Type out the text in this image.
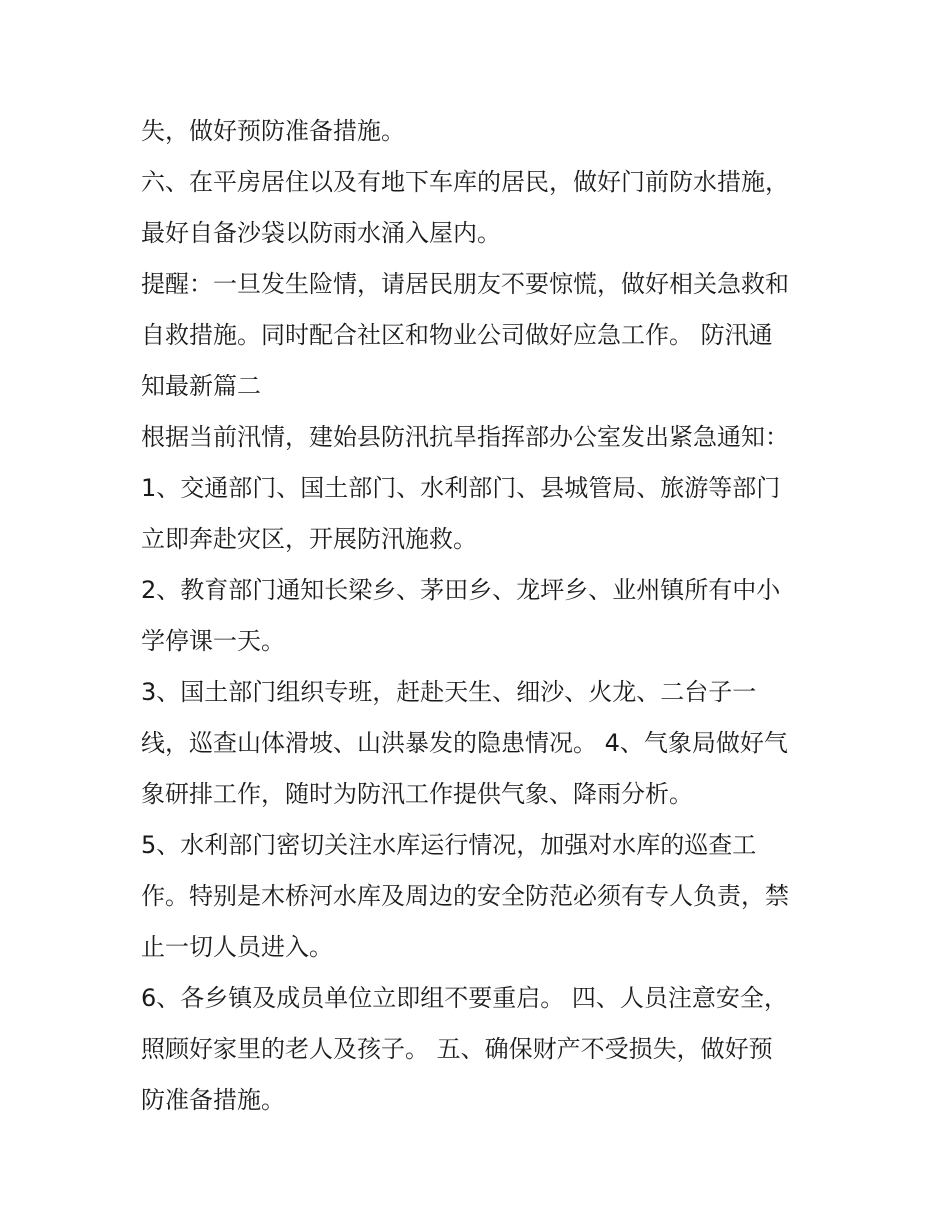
失，做好预防准备措施。
六、在平房居住以及有地下车库的居民，做好门前防水措施，
最好自备沙袋以防雨水涌入屋内。
提醒：一旦发生险情，请居民朋友不要惊慌，做好相关急救和
自救措施。同时配合社区和物业公司做好应急工作。 防汛通
知最新篇二
根据当前汛情，建始县防汛抗旱指挥部办公室发出紧急通知：
1、交通部门、国土部门、水利部门、县城管局、旅游等部门
立即奔赴灾区，开展防汛施救。
2、教育部门通知长梁乡、茅田乡、龙坪乡、业州镇所有中小
学停课一天。
3、国土部门组织专班，赶赴天生、细沙、火龙、二台子一
线，巡查山体滑坡、山洪暴发的隐患情况。 4、气象局做好气
象研排工作，随时为防汛工作提供气象、降雨分析。
5、水利部门密切关注水库运行情况，加强对水库的巡查工
作。特别是木桥河水库及周边的安全防范必须有专人负责，禁
止一切人员进入。
6、各乡镇及成员单位立即组不要重启。 四、人员注意安全，
照顾好家里的老人及孩子。 五、确保财产不受损失，做好预
防准备措施。
